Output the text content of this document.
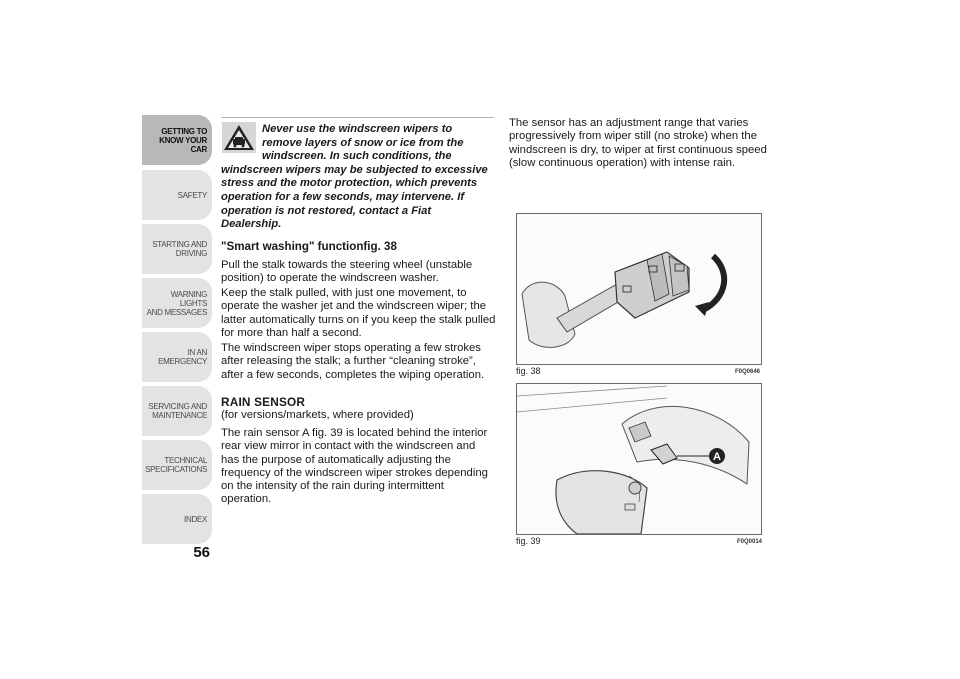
GETTING TO
KNOW YOUR CAR
SAFETY
STARTING AND
DRIVING
WARNING LIGHTS
AND MESSAGES
IN AN EMERGENCY
SERVICING AND
MAINTENANCE
TECHNICAL
SPECIFICATIONS
INDEX
56
Never use the windscreen wipers to remove layers of snow or ice from the windscreen. In such conditions, the
windscreen wipers may be subjected to excessive stress and the motor protection, which prevents operation for a few seconds, may intervene. If operation is not restored, contact a Fiat Dealership.
"Smart washing" functionfig. 38
Pull the stalk towards the steering wheel (unstable position) to operate the windscreen washer.
Keep the stalk pulled, with just one movement, to operate the washer jet and the windscreen wiper; the latter automatically turns on if you keep the stalk pulled for more than half a second.
The windscreen wiper stops operating a few strokes after releasing the stalk; a further “cleaning stroke”, after a few seconds, completes the wiping operation.
RAIN SENSOR
(for versions/markets, where provided)
The rain sensor A fig. 39 is located behind the interior rear view mirror in contact with the windscreen and has the purpose of automatically adjusting the frequency of the windscreen wiper strokes depending on the intensity of the rain during intermittent operation.
The sensor has an adjustment range that varies progressively from wiper still (no stroke) when the windscreen is dry, to wiper at first continuous speed (slow continuous operation) with intense rain.
fig. 38	F0Q0646
A
fig. 39	F0Q0014
